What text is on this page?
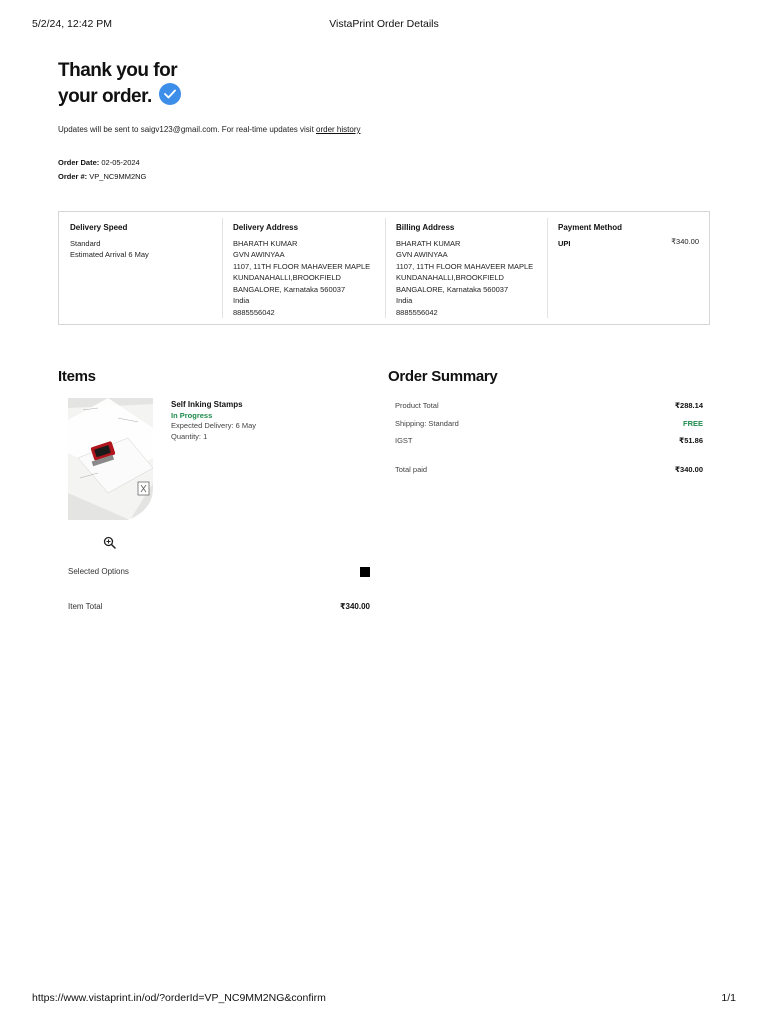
5/2/24, 12:42 PM	VistaPrint Order Details
Thank you for
your order.
Updates will be sent to saigv123@gmail.com. For real-time updates visit order history
Order Date: 02-05-2024
Order #: VP_NC9MM2NG
Delivery Speed
Standard
Estimated Arrival 6 May
Delivery Address
BHARATH KUMAR
GVN AWINYAA
1107, 11TH FLOOR MAHAVEER MAPLE
KUNDANAHALLI,BROOKFIELD
BANGALORE, Karnataka 560037
India
8885556042
Billing Address
BHARATH KUMAR
GVN AWINYAA
1107, 11TH FLOOR MAHAVEER MAPLE
KUNDANAHALLI,BROOKFIELD
BANGALORE, Karnataka 560037
India
8885556042
Payment Method
UPI	₹340.00
Items	Order Summary
Self Inking Stamps
In Progress
Expected Delivery: 6 May
Quantity: 1
Selected Options
Item Total	₹340.00
Product Total	₹288.14
Shipping: Standard	FREE
IGST	₹51.86
Total paid	₹340.00
https://www.vistaprint.in/od/?orderId=VP_NC9MM2NG&confirm	1/1
